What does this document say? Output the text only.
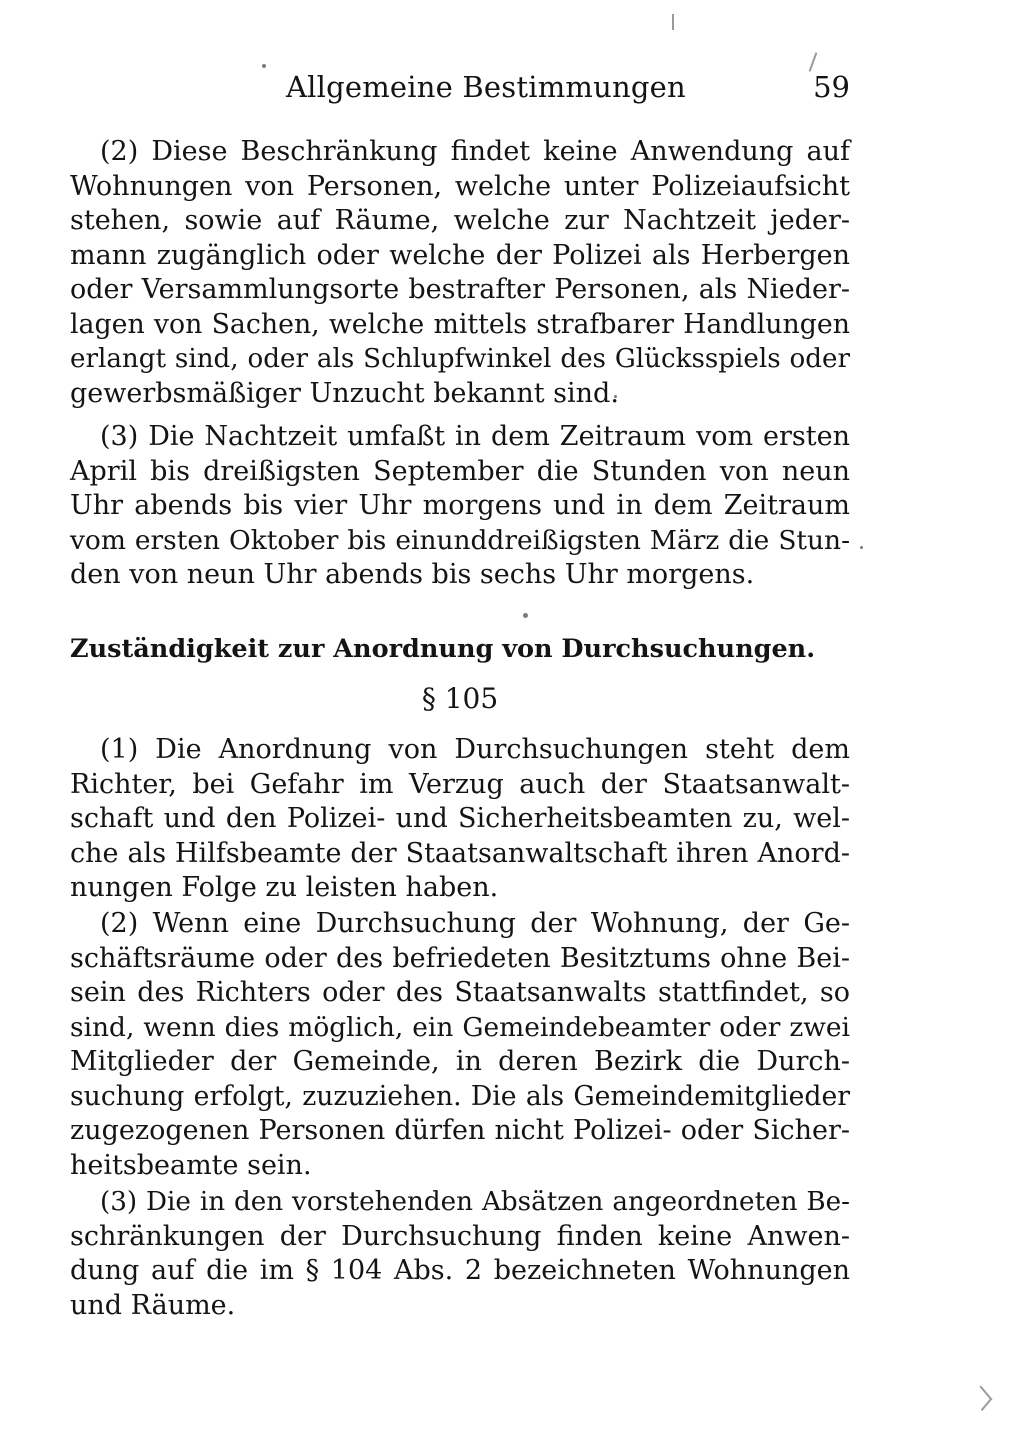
Allgemeine Bestimmungen	59
(2) Diese Beschränkung findet keine Anwendung auf
Wohnungen von Personen, welche unter Polizeiaufsicht
stehen, sowie auf Räume, welche zur Nachtzeit jeder-
mann zugänglich oder welche der Polizei als Herbergen
oder Versammlungsorte bestrafter Personen, als Nieder-
lagen von Sachen, welche mittels strafbarer Handlungen
erlangt sind, oder als Schlupfwinkel des Glücksspiels oder
gewerbsmäßiger Unzucht bekannt sind.
(3) Die Nachtzeit umfaßt in dem Zeitraum vom ersten
April bis dreißigsten September die Stunden von neun
Uhr abends bis vier Uhr morgens und in dem Zeitraum
vom ersten Oktober bis einunddreißigsten März die Stun-
den von neun Uhr abends bis sechs Uhr morgens.
Zuständigkeit zur Anordnung von Durchsuchungen.
§ 105
(1) Die Anordnung von Durchsuchungen steht dem
Richter, bei Gefahr im Verzug auch der Staatsanwalt-
schaft und den Polizei- und Sicherheitsbeamten zu, wel-
che als Hilfsbeamte der Staatsanwaltschaft ihren Anord-
nungen Folge zu leisten haben.
(2) Wenn eine Durchsuchung der Wohnung, der Ge-
schäftsräume oder des befriedeten Besitztums ohne Bei-
sein des Richters oder des Staatsanwalts stattfindet, so
sind, wenn dies möglich, ein Gemeindebeamter oder zwei
Mitglieder der Gemeinde, in deren Bezirk die Durch-
suchung erfolgt, zuzuziehen. Die als Gemeindemitglieder
zugezogenen Personen dürfen nicht Polizei- oder Sicher-
heitsbeamte sein.
(3) Die in den vorstehenden Absätzen angeordneten Be-
schränkungen der Durchsuchung finden keine Anwen-
dung auf die im § 104 Abs. 2 bezeichneten Wohnungen
und Räume.
